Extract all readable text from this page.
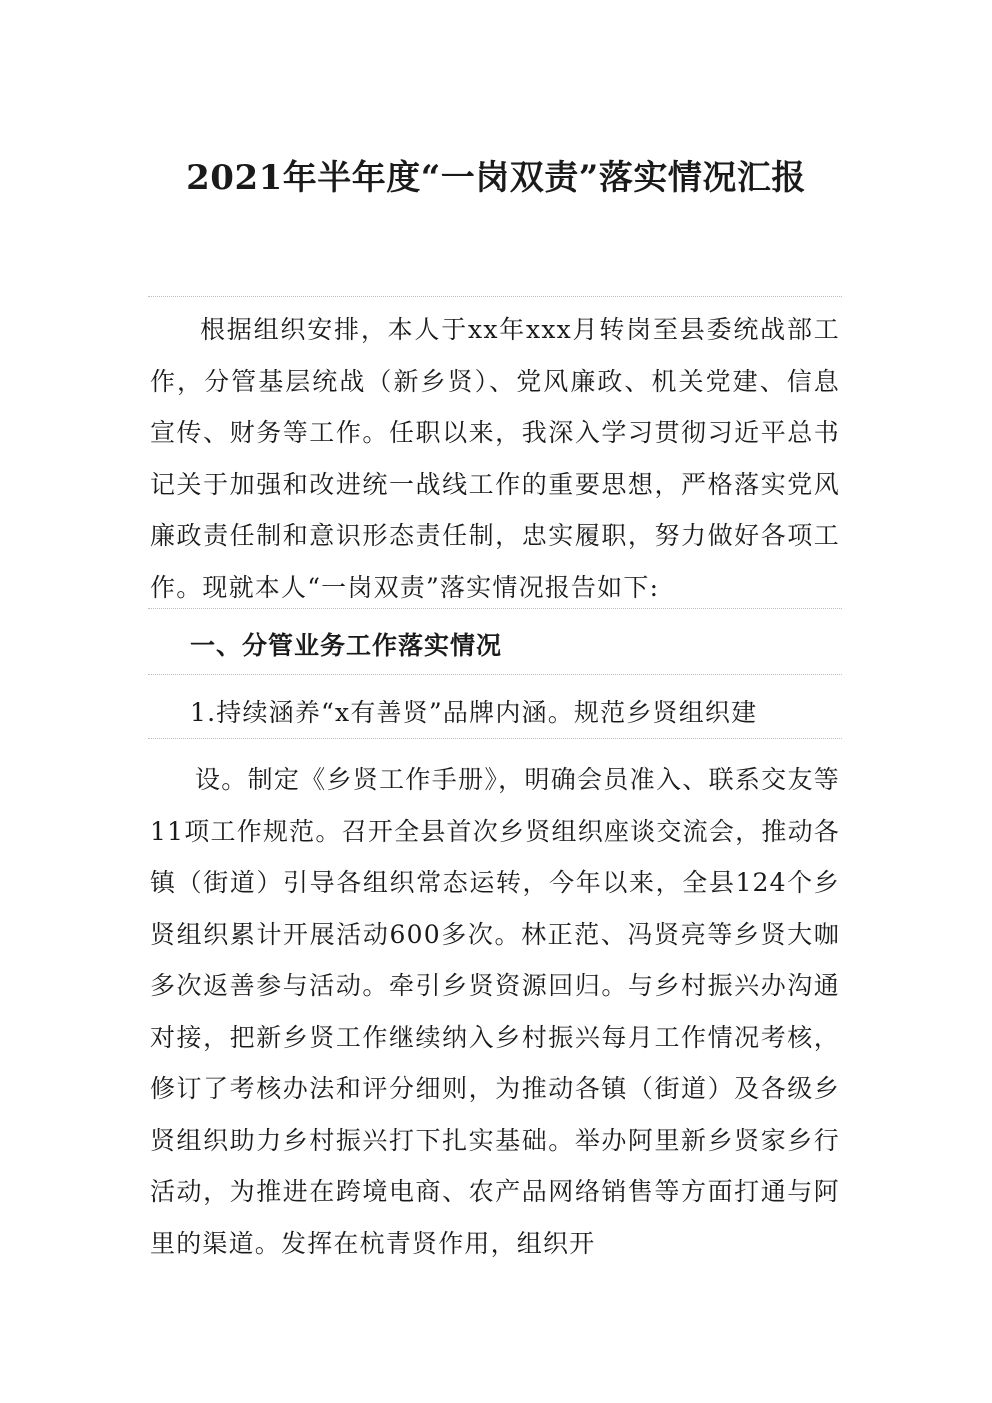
2021年半年度“一岗双责”落实情况汇报

根据组织安排，本人于xx年xxx月转岗至县委统战部工作，分管基层统战（新乡贤）、党风廉政、机关党建、信息宣传、财务等工作。任职以来，我深入学习贯彻习近平总书记关于加强和改进统一战线工作的重要思想，严格落实党风廉政责任制和意识形态责任制，忠实履职，努力做好各项工作。现就本人“一岗双责”落实情况报告如下:

一、分管业务工作落实情况
1.持续涵养“x有善贤”品牌内涵。规范乡贤组织建

设。制定《乡贤工作手册》，明确会员准入、联系交友等11项工作规范。召开全县首次乡贤组织座谈交流会，推动各镇（街道）引导各组织常态运转，今年以来，全县124个乡贤组织累计开展活动600多次。林正范、冯贤亮等乡贤大咖多次返善参与活动。牵引乡贤资源回归。与乡村振兴办沟通对接，把新乡贤工作继续纳入乡村振兴每月工作情况考核，修订了考核办法和评分细则，为推动各镇（街道）及各级乡贤组织助力乡村振兴打下扎实基础。举办阿里新乡贤家乡行活动，为推进在跨境电商、农产品网络销售等方面打通与阿里的渠道。发挥在杭青贤作用，组织开
